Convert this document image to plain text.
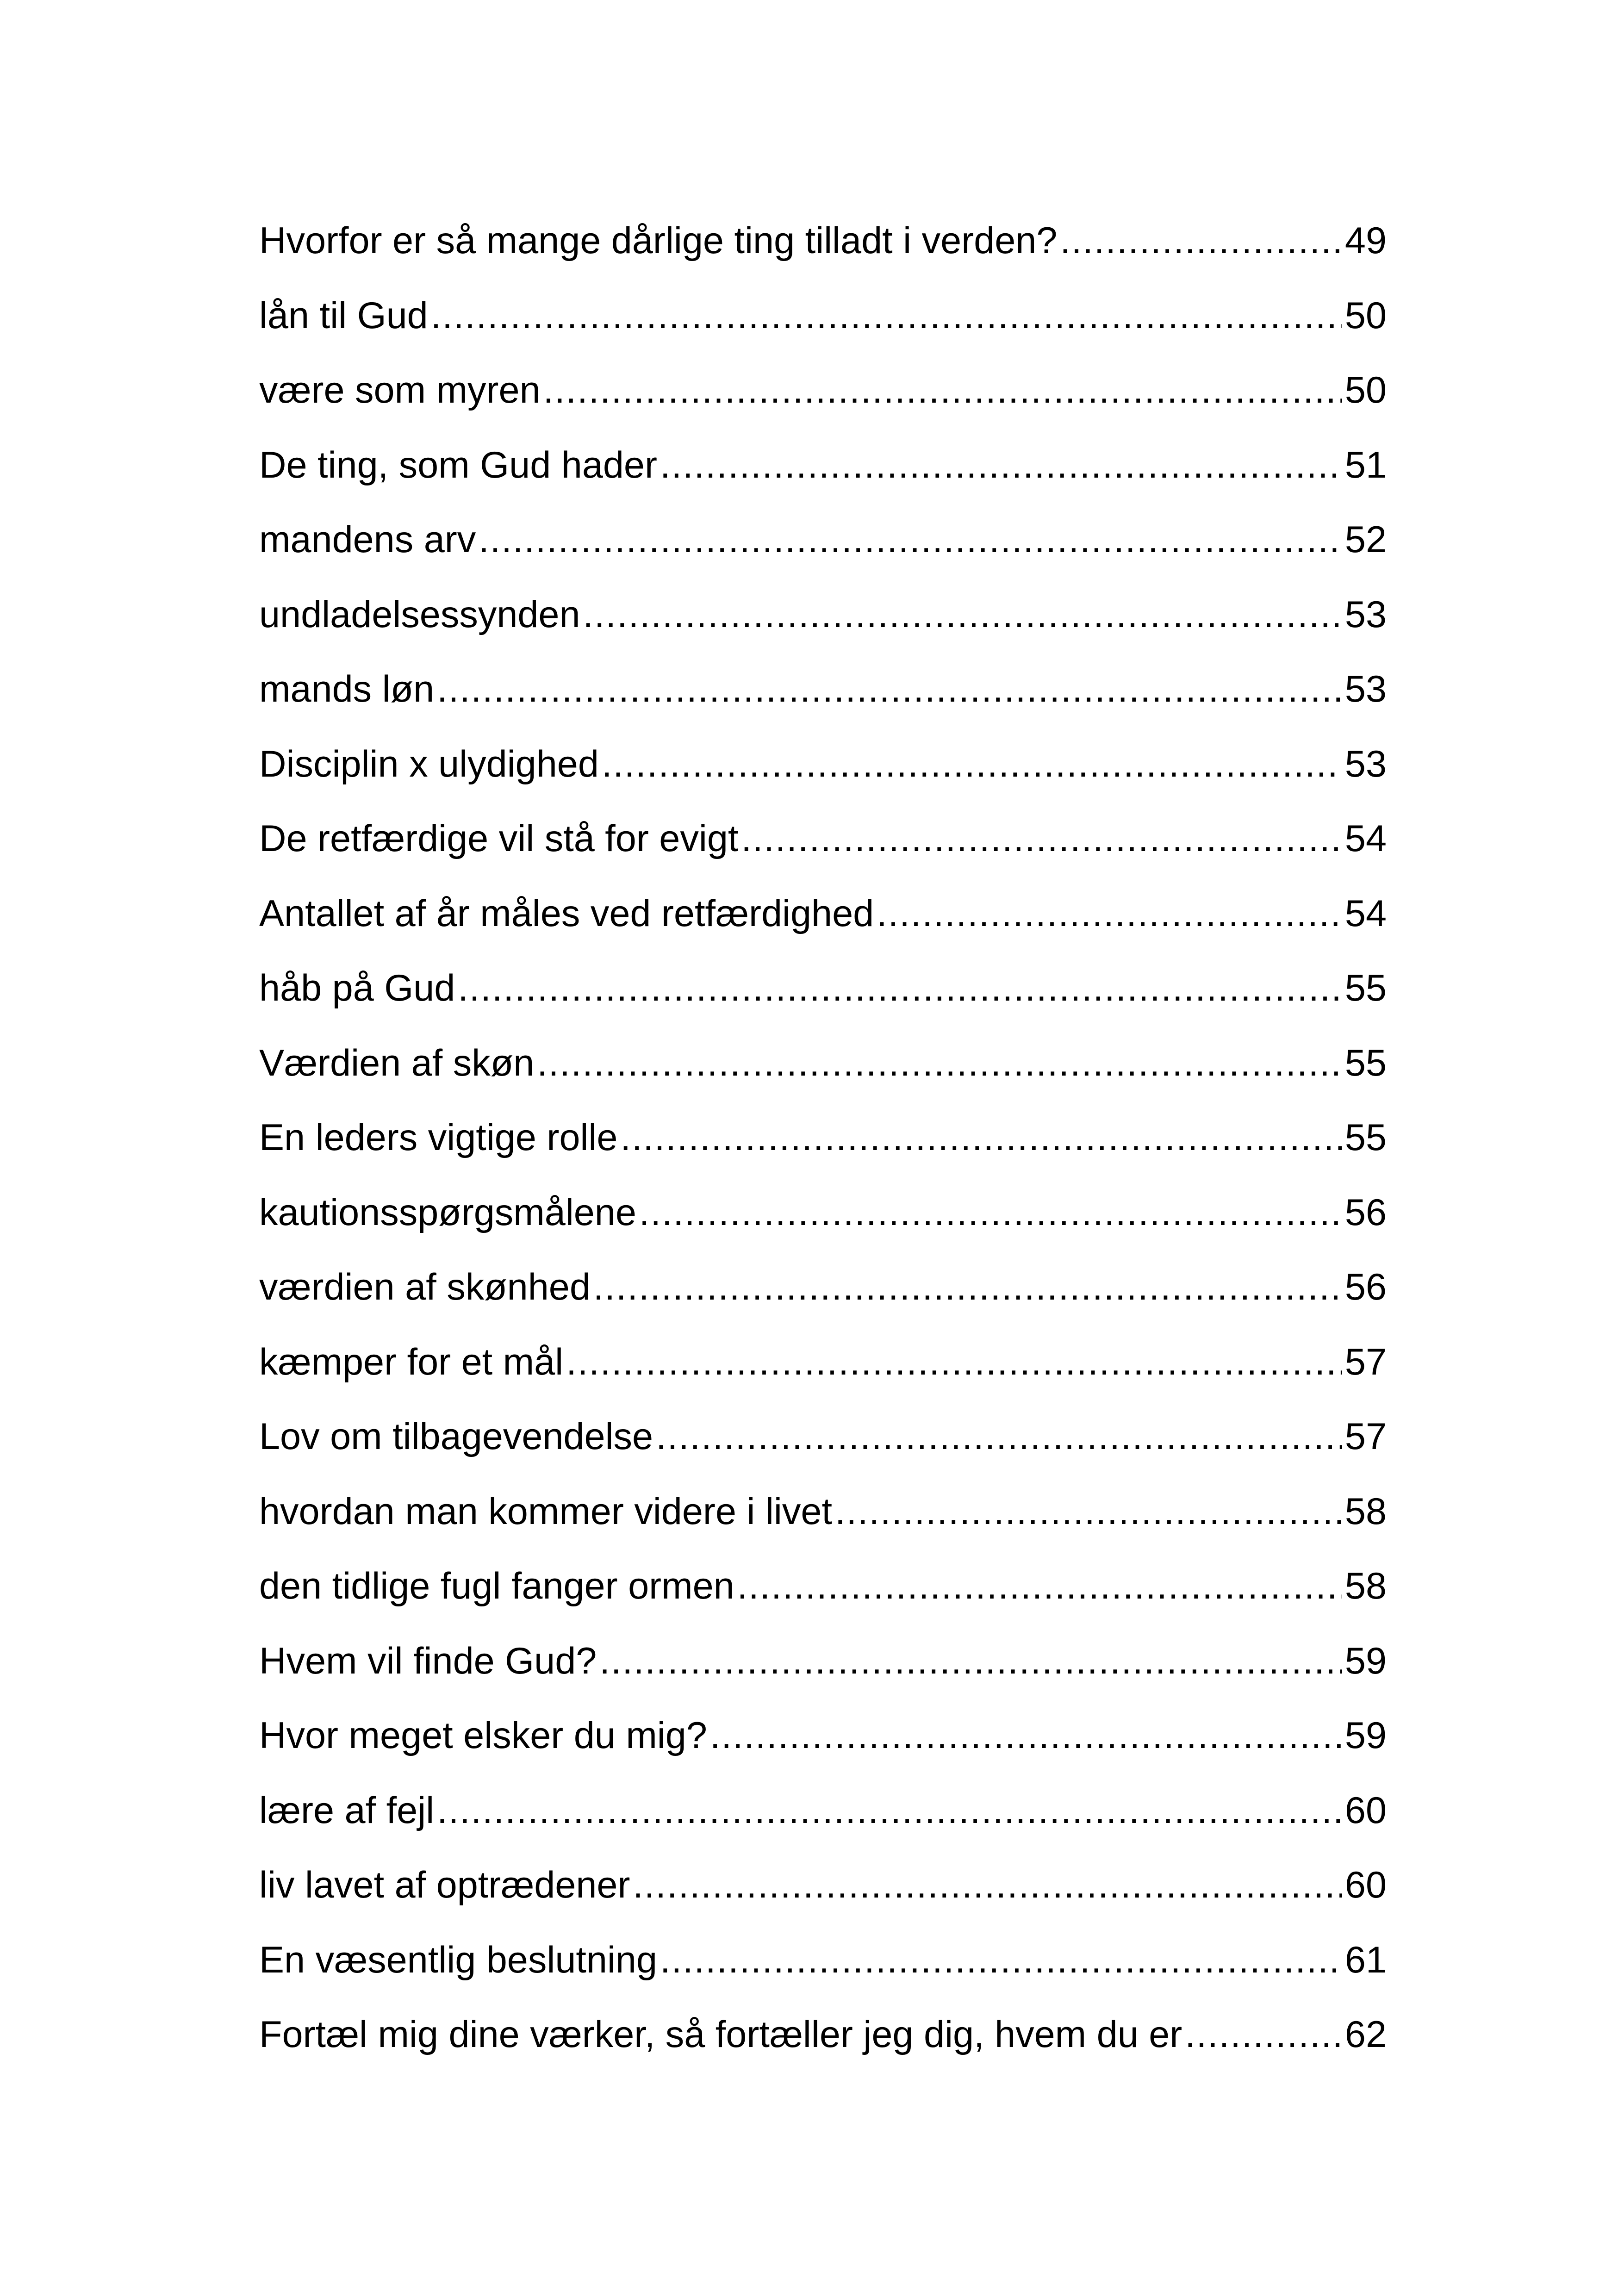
Hvorfor er så mange dårlige ting tilladt i verden? .....	49
lån til Gud .....	50
være som myren .....	50
De ting, som Gud hader .....	51
mandens arv .....	52
undladelsessynden .....	53
mands løn .....	53
Disciplin x ulydighed .....	53
De retfærdige vil stå for evigt .....	54
Antallet af år måles ved retfærdighed .....	54
håb på Gud .....	55
Værdien af skøn .....	55
En leders vigtige rolle .....	55
kautionsspørgsmålene .....	56
værdien af skønhed .....	56
kæmper for et mål .....	57
Lov om tilbagevendelse .....	57
hvordan man kommer videre i livet .....	58
den tidlige fugl fanger ormen .....	58
Hvem vil finde Gud? .....	59
Hvor meget elsker du mig? .....	59
lære af fejl .....	60
liv lavet af optrædener .....	60
En væsentlig beslutning .....	61
Fortæl mig dine værker, så fortæller jeg dig, hvem du er .....	62
